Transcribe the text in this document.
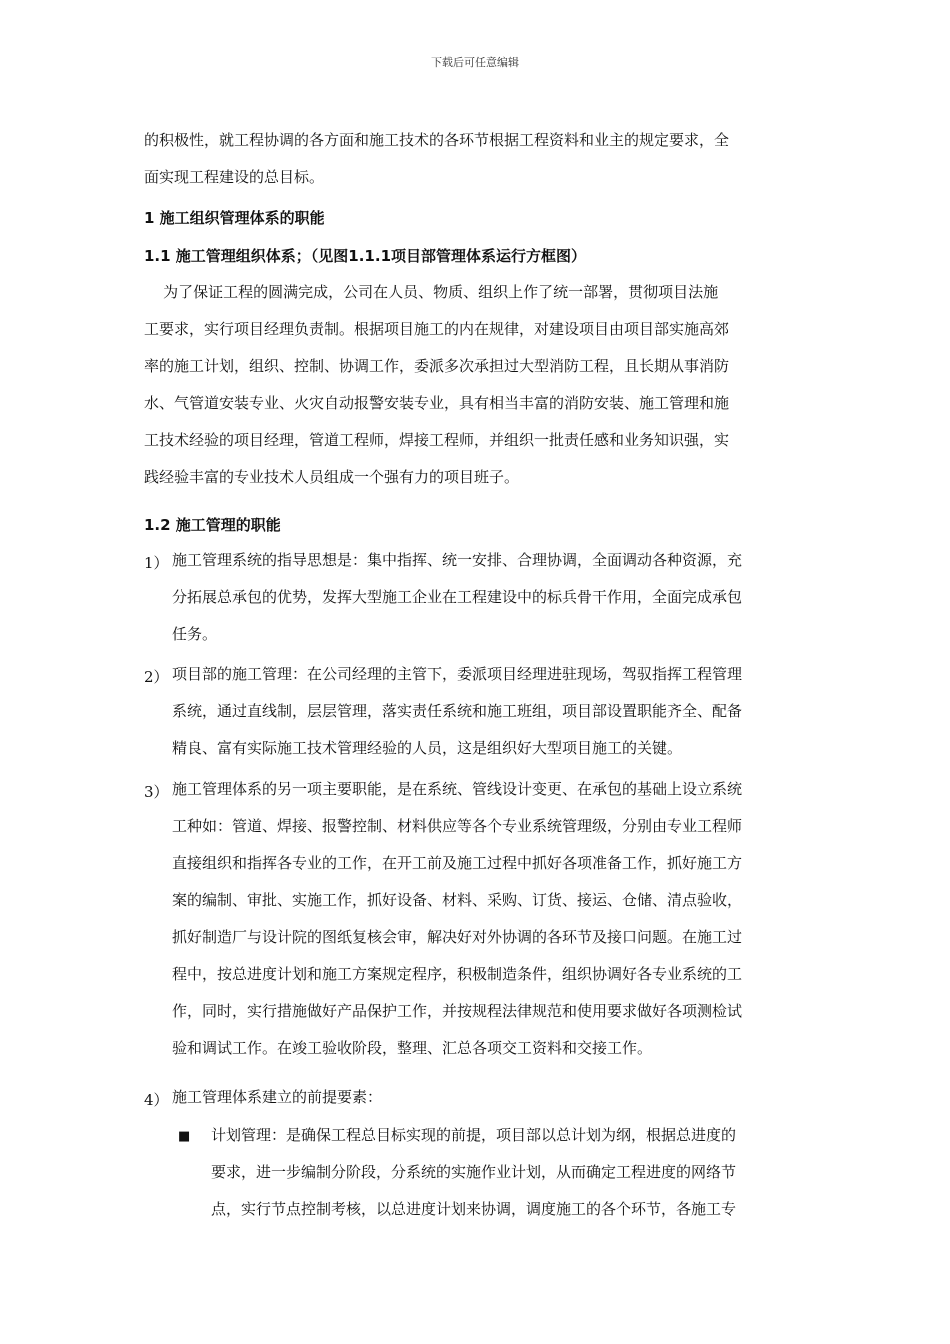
下载后可任意编辑
的积极性，就工程协调的各方面和施工技术的各环节根据工程资料和业主的规定要求，全
面实现工程建设的总目标。
1 施工组织管理体系的职能
1.1 施工管理组织体系；（见图1.1.1项目部管理体系运行方框图）
为了保证工程的圆满完成，公司在人员、物质、组织上作了统一部署，贯彻项目法施
工要求，实行项目经理负责制。根据项目施工的内在规律，对建设项目由项目部实施高郊
率的施工计划，组织、控制、协调工作，委派多次承担过大型消防工程，且长期从事消防
水、气管道安装专业、火灾自动报警安装专业，具有相当丰富的消防安装、施工管理和施
工技术经验的项目经理，管道工程师，焊接工程师，并组织一批责任感和业务知识强，实
践经验丰富的专业技术人员组成一个强有力的项目班子。
1.2 施工管理的职能
1） 施工管理系统的指导思想是：集中指挥、统一安排、合理协调，全面调动各种资源，充
分拓展总承包的优势，发挥大型施工企业在工程建设中的标兵骨干作用，全面完成承包
任务。
2） 项目部的施工管理：在公司经理的主管下，委派项目经理进驻现场，驾驭指挥工程管理
系统，通过直线制，层层管理，落实责任系统和施工班组，项目部设置职能齐全、配备
精良、富有实际施工技术管理经验的人员，这是组织好大型项目施工的关键。
3） 施工管理体系的另一项主要职能，是在系统、管线设计变更、在承包的基础上设立系统
工种如：管道、焊接、报警控制、材料供应等各个专业系统管理级，分别由专业工程师
直接组织和指挥各专业的工作，在开工前及施工过程中抓好各项准备工作，抓好施工方
案的编制、审批、实施工作，抓好设备、材料、采购、订货、接运、仓储、清点验收，
抓好制造厂与设计院的图纸复核会审，解决好对外协调的各环节及接口问题。在施工过
程中，按总进度计划和施工方案规定程序，积极制造条件，组织协调好各专业系统的工
作，同时，实行措施做好产品保护工作，并按规程法律规范和使用要求做好各项测检试
验和调试工作。在竣工验收阶段，整理、汇总各项交工资料和交接工作。
4） 施工管理体系建立的前提要素：
■ 计划管理：是确保工程总目标实现的前提，项目部以总计划为纲，根据总进度的
要求，进一步编制分阶段，分系统的实施作业计划，从而确定工程进度的网络节
点，实行节点控制考核，以总进度计划来协调，调度施工的各个环节，各施工专
